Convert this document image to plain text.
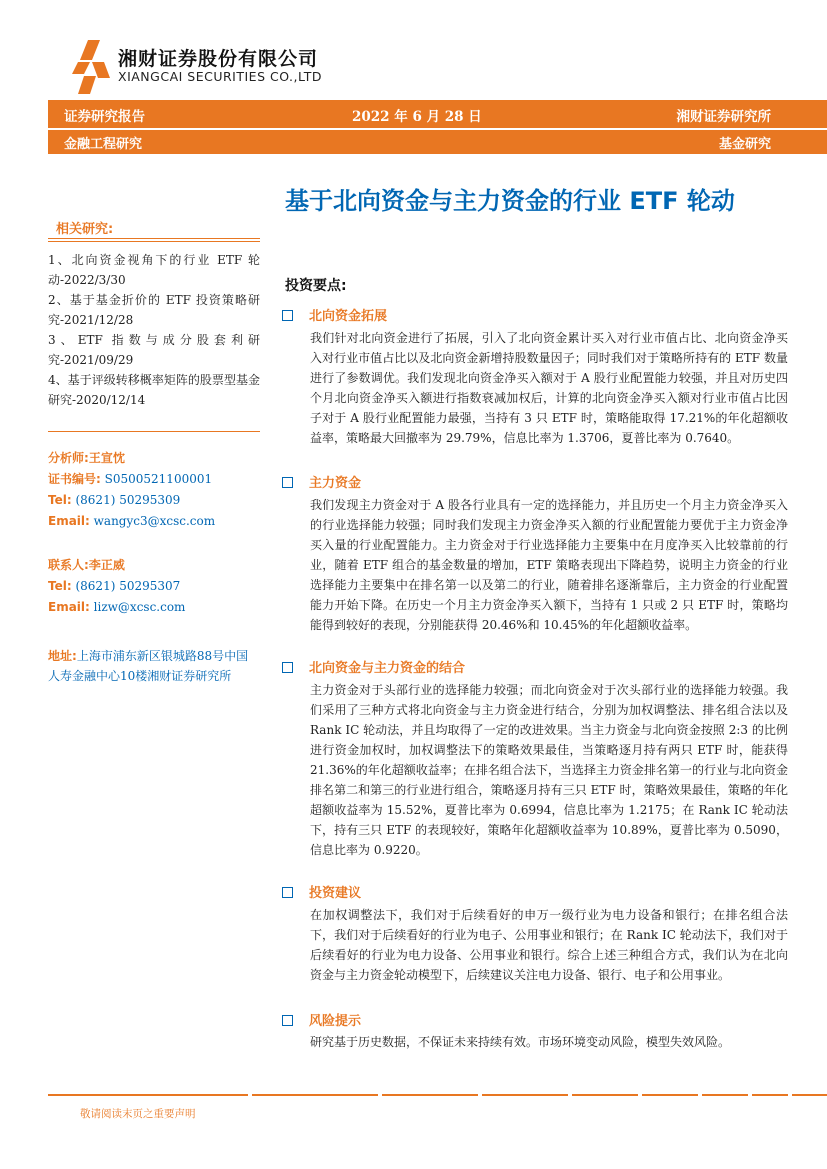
湘财证券股份有限公司
XIANGCAI SECURITIES CO.,LTD
证券研究报告	2022 年 6 月 28 日	湘财证券研究所
金融工程研究	基金研究
相关研究:
1、北向资金视角下的行业 ETF 轮动-2022/3/30
2、基于基金折价的 ETF 投资策略研究-2021/12/28
3、ETF 指数与成分股套利研究-2021/09/29
4、基于评级转移概率矩阵的股票型基金研究-2020/12/14
分析师:王宣忱
证书编号: S0500521100001
Tel: (8621) 50295309
Email: wangyc3@xcsc.com
联系人:李正威
Tel: (8621) 50295307
Email: lizw@xcsc.com
地址:上海市浦东新区银城路88号中国人寿金融中心10楼湘财证券研究所
基于北向资金与主力资金的行业 ETF 轮动
投资要点:
北向资金拓展
我们针对北向资金进行了拓展，引入了北向资金累计买入对行业市值占比、北向资金净买入对行业市值占比以及北向资金新增持股数量因子；同时我们对于策略所持有的 ETF 数量进行了参数调优。我们发现北向资金净买入额对于 A 股行业配置能力较强，并且对历史四个月北向资金净买入额进行指数衰减加权后，计算的北向资金净买入额对行业市值占比因子对于 A 股行业配置能力最强，当持有 3 只 ETF 时，策略能取得 17.21%的年化超额收益率，策略最大回撤率为 29.79%，信息比率为 1.3706，夏普比率为 0.7640。
主力资金
我们发现主力资金对于 A 股各行业具有一定的选择能力，并且历史一个月主力资金净买入的行业选择能力较强；同时我们发现主力资金净买入额的行业配置能力要优于主力资金净买入量的行业配置能力。主力资金对于行业选择能力主要集中在月度净买入比较靠前的行业，随着 ETF 组合的基金数量的增加，ETF 策略表现出下降趋势，说明主力资金的行业选择能力主要集中在排名第一以及第二的行业，随着排名逐渐靠后，主力资金的行业配置能力开始下降。在历史一个月主力资金净买入额下，当持有 1 只或 2 只 ETF 时，策略均能得到较好的表现，分别能获得 20.46%和 10.45%的年化超额收益率。
北向资金与主力资金的结合
主力资金对于头部行业的选择能力较强；而北向资金对于次头部行业的选择能力较强。我们采用了三种方式将北向资金与主力资金进行结合，分别为加权调整法、排名组合法以及 Rank IC 轮动法，并且均取得了一定的改进效果。当主力资金与北向资金按照 2:3 的比例进行资金加权时，加权调整法下的策略效果最佳，当策略逐月持有两只 ETF 时，能获得 21.36%的年化超额收益率；在排名组合法下，当选择主力资金排名第一的行业与北向资金排名第二和第三的行业进行组合，策略逐月持有三只 ETF 时，策略效果最佳，策略的年化超额收益率为 15.52%，夏普比率为 0.6994，信息比率为 1.2175；在 Rank IC 轮动法下，持有三只 ETF 的表现较好，策略年化超额收益率为 10.89%，夏普比率为 0.5090，信息比率为 0.9220。
投资建议
在加权调整法下，我们对于后续看好的申万一级行业为电力设备和银行；在排名组合法下，我们对于后续看好的行业为电子、公用事业和银行；在 Rank IC 轮动法下，我们对于后续看好的行业为电力设备、公用事业和银行。综合上述三种组合方式，我们认为在北向资金与主力资金轮动模型下，后续建议关注电力设备、银行、电子和公用事业。
风险提示
研究基于历史数据，不保证未来持续有效。市场环境变动风险，模型失效风险。
敬请阅读末页之重要声明
